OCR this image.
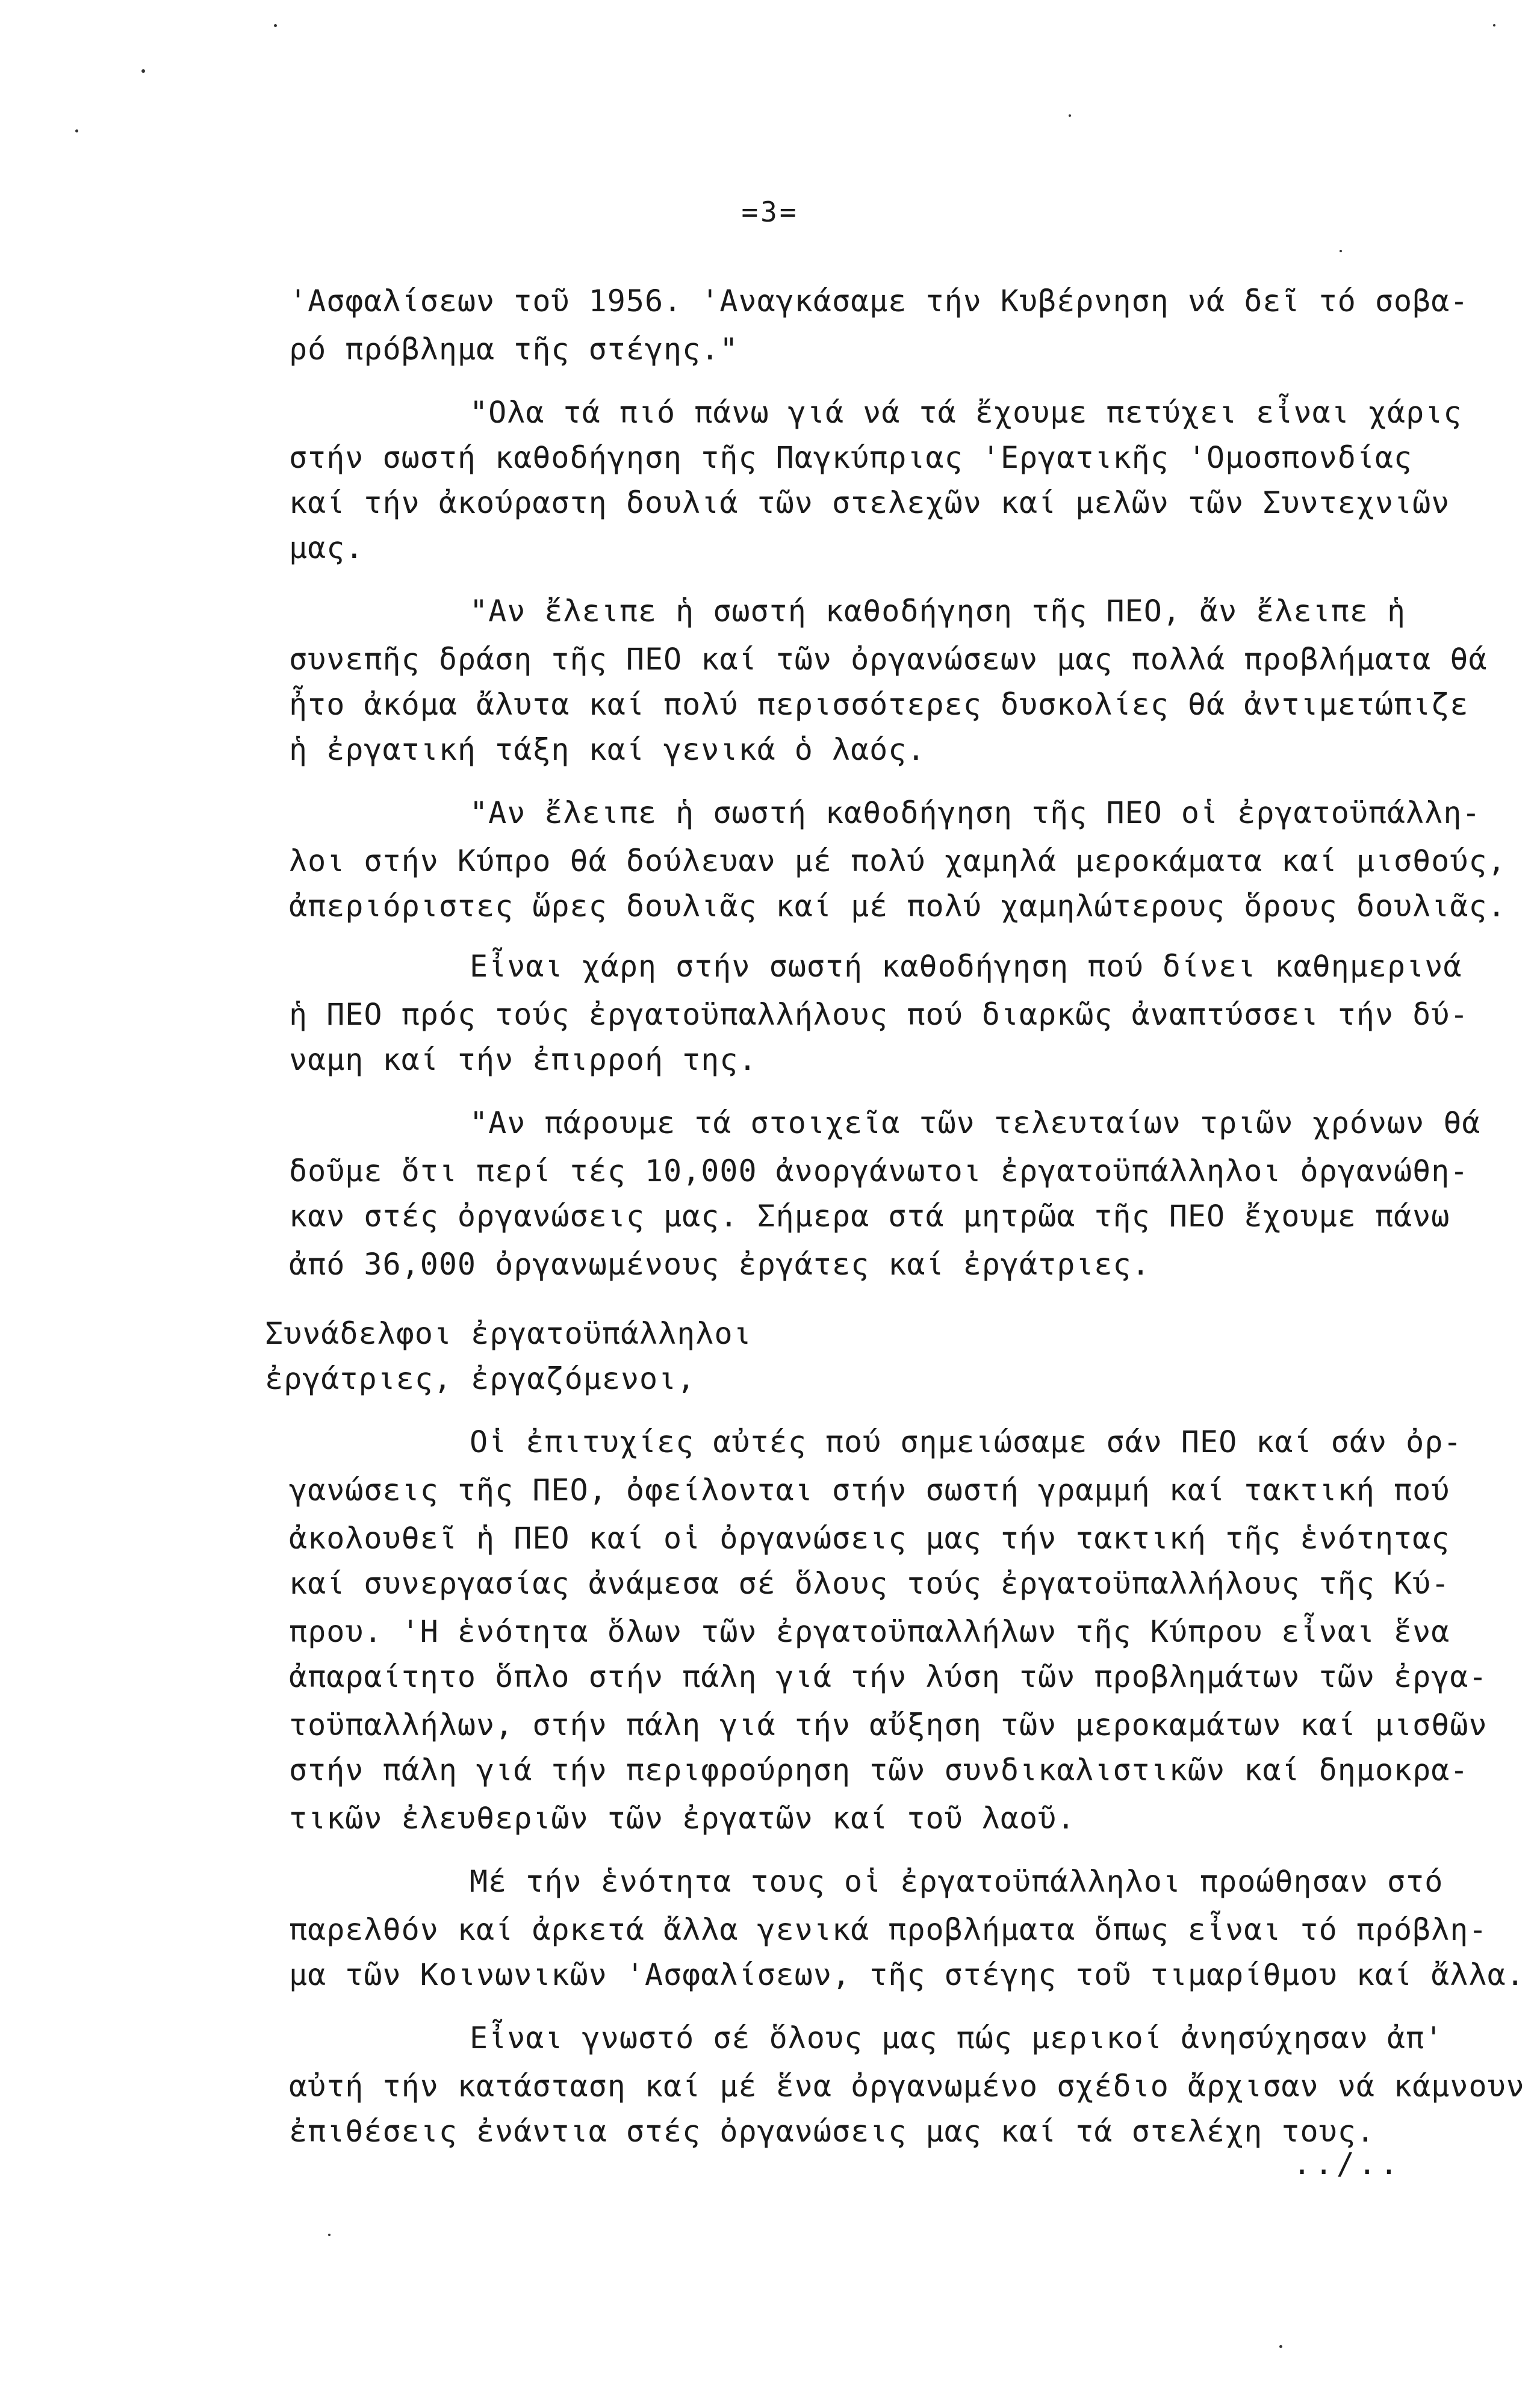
=3=
'Ασφαλίσεων τοῦ 1956. 'Αναγκάσαμε τήν Κυβέρνηση νά δεῖ τό σοβα-
ρό πρόβλημα τῆς στέγης."
"Ολα τά πιό πάνω γιά νά τά ἔχουμε πετύχει εἶναι χάρις
στήν σωστή καθοδήγηση τῆς Παγκύπριας 'Εργατικῆς 'Ομοσπονδίας
καί τήν ἀκούραστη δουλιά τῶν στελεχῶν καί μελῶν τῶν Συντεχνιῶν
μας.
"Αν ἔλειπε ἡ σωστή καθοδήγηση τῆς ΠΕΟ, ἄν ἔλειπε ἡ
συνεπῆς δράση τῆς ΠΕΟ καί τῶν ὀργανώσεων μας πολλά προβλήματα θά
ἦτο ἀκόμα ἄλυτα καί πολύ περισσότερες δυσκολίες θά ἀντιμετώπιζε
ἡ ἐργατική τάξη καί γενικά ὁ λαός.
"Αν ἔλειπε ἡ σωστή καθοδήγηση τῆς ΠΕΟ οἱ ἐργατοϋπάλλη-
λοι στήν Κύπρο θά δούλευαν μέ πολύ χαμηλά μεροκάματα καί μισθούς,
ἀπεριόριστες ὥρες δουλιᾶς καί μέ πολύ χαμηλώτερους ὅρους δουλιᾶς.
Εἶναι χάρη στήν σωστή καθοδήγηση πού δίνει καθημερινά
ἡ ΠΕΟ πρός τούς ἐργατοϋπαλλήλους πού διαρκῶς ἀναπτύσσει τήν δύ-
ναμη καί τήν ἐπιρροή της.
"Αν πάρουμε τά στοιχεῖα τῶν τελευταίων τριῶν χρόνων θά
δοῦμε ὅτι περί τές 10,000 ἀνοργάνωτοι ἐργατοϋπάλληλοι ὀργανώθη-
καν στές ὀργανώσεις μας. Σήμερα στά μητρῶα τῆς ΠΕΟ ἔχουμε πάνω
ἀπό 36,000 ὀργανωμένους ἐργάτες καί ἐργάτριες.
Συνάδελφοι ἐργατοϋπάλληλοι
ἐργάτριες, ἐργαζόμενοι,
Οἱ ἐπιτυχίες αὐτές πού σημειώσαμε σάν ΠΕΟ καί σάν ὀρ-
γανώσεις τῆς ΠΕΟ, ὀφείλονται στήν σωστή γραμμή καί τακτική πού
ἀκολουθεῖ ἡ ΠΕΟ καί οἱ ὀργανώσεις μας τήν τακτική τῆς ἑνότητας
καί συνεργασίας ἀνάμεσα σέ ὅλους τούς ἐργατοϋπαλλήλους τῆς Κύ-
πρου. 'Η ἑνότητα ὅλων τῶν ἐργατοϋπαλλήλων τῆς Κύπρου εἶναι ἕνα
ἀπαραίτητο ὅπλο στήν πάλη γιά τήν λύση τῶν προβλημάτων τῶν ἐργα-
τοϋπαλλήλων, στήν πάλη γιά τήν αὔξηση τῶν μεροκαμάτων καί μισθῶν
στήν πάλη γιά τήν περιφρούρηση τῶν συνδικαλιστικῶν καί δημοκρα-
τικῶν ἐλευθεριῶν τῶν ἐργατῶν καί τοῦ λαοῦ.
Μέ τήν ἑνότητα τους οἱ ἐργατοϋπάλληλοι προώθησαν στό
παρελθόν καί ἀρκετά ἄλλα γενικά προβλήματα ὅπως εἶναι τό πρόβλη-
μα τῶν Κοινωνικῶν 'Ασφαλίσεων, τῆς στέγης τοῦ τιμαρίθμου καί ἄλλα.
Εἶναι γνωστό σέ ὅλους μας πώς μερικοί ἀνησύχησαν ἀπ'
αὐτή τήν κατάσταση καί μέ ἕνα ὀργανωμένο σχέδιο ἄρχισαν νά κάμνουν
ἐπιθέσεις ἐνάντια στές ὀργανώσεις μας καί τά στελέχη τους.
../..
